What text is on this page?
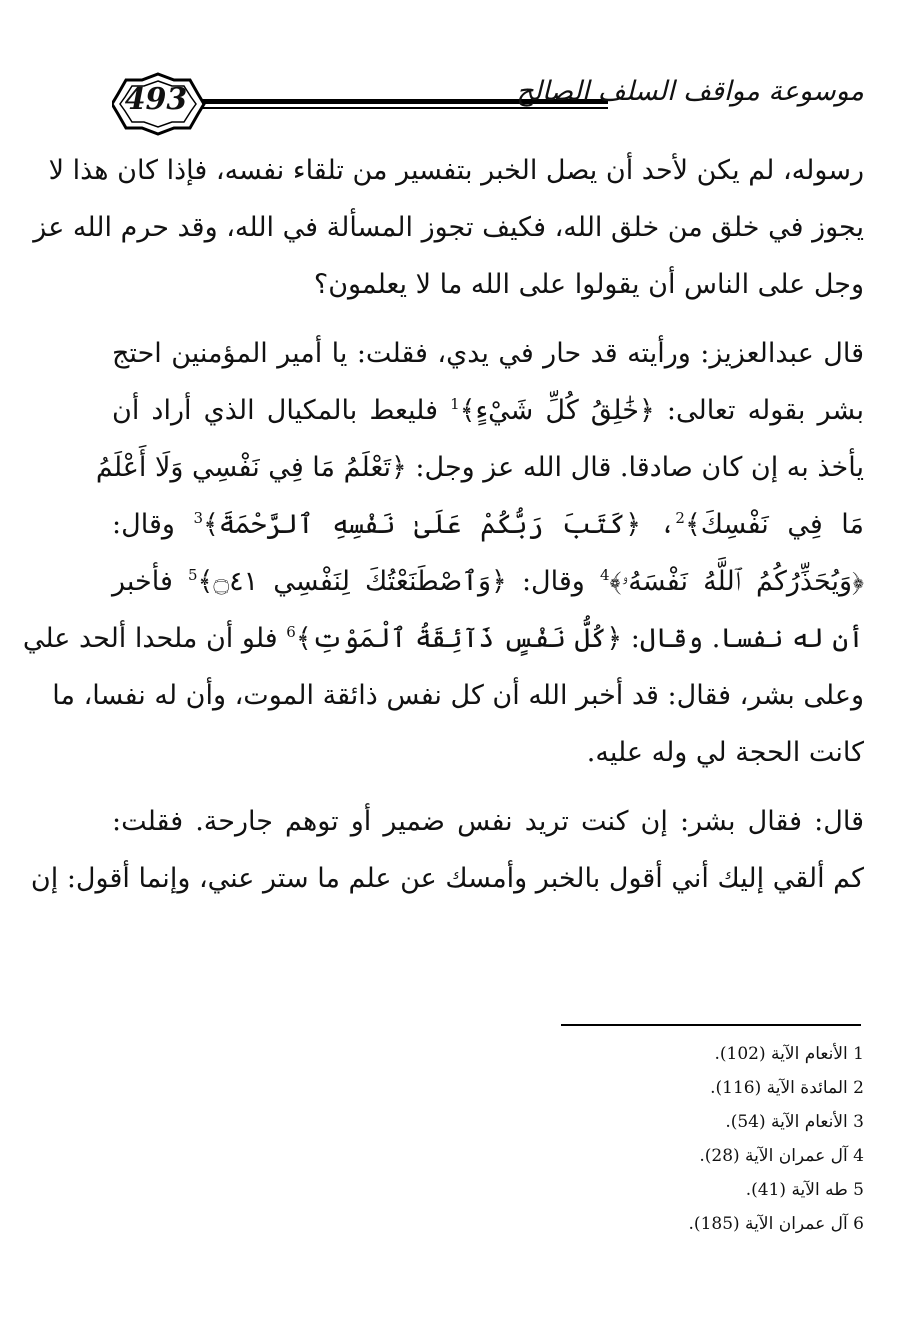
493	موسوعة مواقف السلف الصالح
رسوله، لم يكن لأحد أن يصل الخبر بتفسير من تلقاء نفسه، فإذا كان هذا لا
يجوز في خلق من خلق الله، فكيف تجوز المسألة في الله، وقد حرم الله عز
وجل على الناس أن يقولوا على الله ما لا يعلمون؟
قال عبدالعزيز: ورأيته قد حار في يدي، فقلت: يا أمير المؤمنين احتج
بشر بقوله تعالى: ﴿خَٰلِقُ كُلِّ شَيْءٍ﴾$^1$ فليعط بالمكيال الذي أراد أن
يأخذ به إن كان صادقا. قال الله عز وجل: ﴿تَعْلَمُ مَا فِي نَفْسِي وَلَا أَعْلَمُ
مَا فِي نَفْسِكَ﴾$^2$، ﴿كَتَبَ رَبُّكُمْ عَلَىٰ نَفْسِهِ ٱلرَّحْمَةَ﴾$^3$ وقال:
﴿وَيُحَذِّرُكُمُ ٱللَّهُ نَفْسَهُۥ﴾$^4$ وقال: ﴿وَٱصْطَنَعْتُكَ لِنَفْسِي ۝٤١﴾$^5$ فأخبر
أن له نفسا. وقال: ﴿كُلُّ نَفْسٍ ذَآئِقَةُ ٱلْمَوْتِ﴾$^6$ فلو أن ملحدا ألحد علي
وعلى بشر، فقال: قد أخبر الله أن كل نفس ذائقة الموت، وأن له نفسا، ما
كانت الحجة لي وله عليه.
قال: فقال بشر: إن كنت تريد نفس ضمير أو توهم جارحة. فقلت:
كم ألقي إليك أني أقول بالخبر وأمسك عن علم ما ستر عني، وإنما أقول: إن
1 الأنعام الآية (102).
2 المائدة الآية (116).
3 الأنعام الآية (54).
4 آل عمران الآية (28).
5 طه الآية (41).
6 آل عمران الآية (185).
